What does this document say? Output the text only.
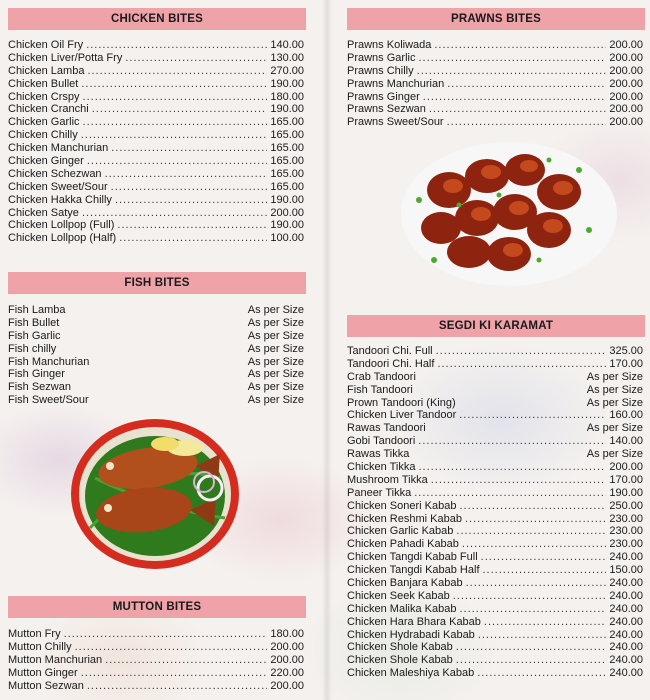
CHICKEN BITES
Chicken Oil Fry .....	140.00
Chicken Liver/Potta Fry .....	130.00
Chicken Lamba .....	270.00
Chicken Bullet .....	190.00
Chicken Crspy .....	180.00
Chicken Cranchi .....	190.00
Chicken Garlic .....	165.00
Chicken Chilly .....	165.00
Chicken Manchurian .....	165.00
Chicken Ginger .....	165.00
Chicken Schezwan .....	165.00
Chicken Sweet/Sour .....	165.00
Chicken Hakka Chilly .....	190.00
Chicken Satye .....	200.00
Chicken Lollpop (Full) .....	190.00
Chicken Lollpop (Half) .....	100.00
FISH BITES
Fish Lamba	As per Size
Fish Bullet	As per Size
Fish Garlic	As per Size
Fish chilly	As per Size
Fish Manchurian	As per Size
Fish Ginger	As per Size
Fish Sezwan	As per Size
Fish Sweet/Sour	As per Size
MUTTON BITES
Mutton Fry .....	180.00
Mutton Chilly .....	200.00
Mutton Manchurian .....	200.00
Mutton Ginger .....	220.00
Mutton Sezwan .....	200.00
PRAWNS BITES
Prawns Koliwada .....	200.00
Prawns Garlic .....	200.00
Prawns Chilly .....	200.00
Prawns Manchurian .....	200.00
Prawns Ginger .....	200.00
Prawns Sezwan .....	200.00
Prawns Sweet/Sour .....	200.00
SEGDI KI KARAMAT
Tandoori Chi. Full .....	325.00
Tandoori Chi. Half .....	170.00
Crab Tandoori	As per Size
Fish Tandoori	As per Size
Prown Tandoori (King)	As per Size
Chicken Liver Tandoor .....	160.00
Rawas Tandoori	As per Size
Gobi Tandoori .....	140.00
Rawas Tikka	As per Size
Chicken Tikka .....	200.00
Mushroom Tikka .....	170.00
Paneer Tikka .....	190.00
Chicken Soneri Kabab .....	250.00
Chicken Reshmi Kabab .....	230.00
Chicken Garlic Kabab .....	230.00
Chicken Pahadi Kabab .....	230.00
Chicken Tangdi Kabab Full .....	240.00
Chicken Tangdi Kabab Half .....	150.00
Chicken Banjara Kabab .....	240.00
Chicken Seek Kabab .....	240.00
Chicken Malika Kabab .....	240.00
Chicken Hara Bhara Kabab .....	240.00
Chicken Hydrabadi Kabab .....	240.00
Chicken Shole Kabab .....	240.00
Chicken Shole Kabab .....	240.00
Chicken Maleshiya Kabab .....	240.00
